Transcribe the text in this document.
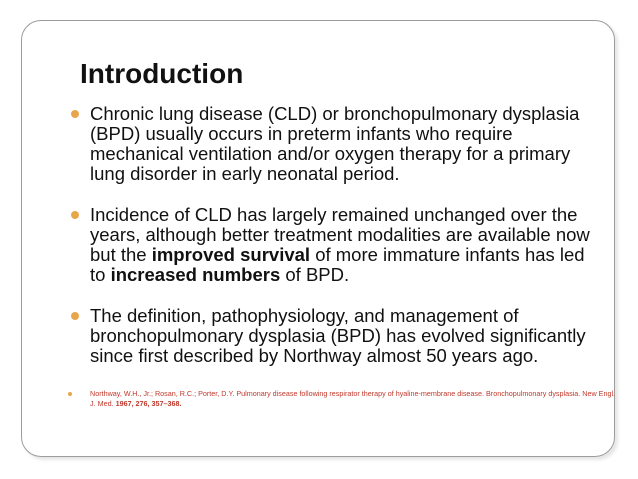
Introduction
Chronic lung disease (CLD) or bronchopulmonary dysplasia (BPD) usually occurs in preterm infants who require mechanical ventilation and/or oxygen therapy for a primary lung disorder in early neonatal period.
Incidence of CLD has largely remained unchanged over the years, although better treatment modalities are available now but the improved survival of more immature infants has led to increased numbers of BPD.
The definition, pathophysiology, and management of bronchopulmonary dysplasia (BPD) has evolved significantly since first described by Northway almost 50 years ago.
Northway, W.H., Jr.; Rosan, R.C.; Porter, D.Y. Pulmonary disease following respirator therapy of hyaline-membrane disease. Bronchopulmonary dysplasia. New Engl. J. Med. 1967, 276, 357–368.
